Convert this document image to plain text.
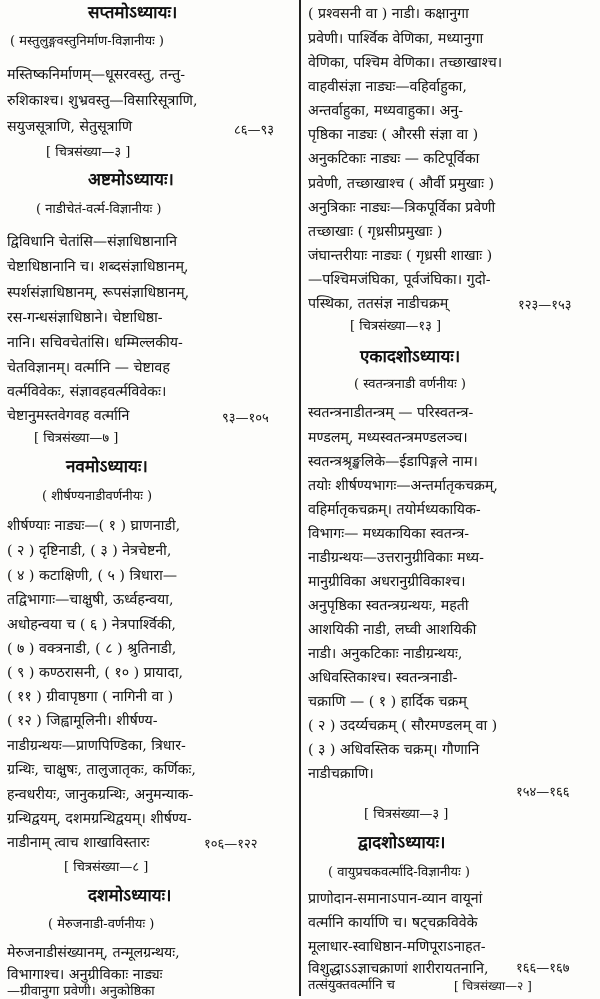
सप्तमोऽध्यायः।
( मस्तुलुङ्गवस्तुनिर्माण-विज्ञानीयः )
मस्तिष्कनिर्माणम्—धूसरवस्तु, तन्तु-
रुशिकाश्च। शुभ्रवस्तु—विसारिसूत्राणि,
सयुजसूत्राणि, सेतुसूत्राणि	८६—९३
[ चित्रसंख्या—३ ]
अष्टमोऽध्यायः।
( नाडीचेतं-वर्त्म-विज्ञानीयः )
द्विविधानि चेतांसि—संज्ञाधिष्ठानानि
चेष्टाधिष्ठानानि च। शब्दसंज्ञाधिष्ठानम्,
स्पर्शसंज्ञाधिष्ठानम्, रूपसंज्ञाधिष्ठानम्,
रस-गन्धसंज्ञाधिष्ठाने। चेष्टाधिष्ठा-
नानि। सचिवचेतांसि। धम्मिल्लकीय-
चेतविज्ञानम्। वर्त्मानि — चेष्टावह
वर्त्मविवेकः, संज्ञावहवर्त्मविवेकः।
चेष्टानुमस्तवेगवह वर्त्मानि	९३—१०५
[ चित्रसंख्या—७ ]
नवमोऽध्यायः।
( शीर्षण्यनाडीवर्णनीयः )
शीर्षण्याः नाड्यः—( १ ) घ्राणनाडी,
( २ ) दृष्टिनाडी, ( ३ ) नेत्रचेष्टनी,
( ४ ) कटाक्षिणी, ( ५ ) त्रिधारा—
तद्विभागाः—चाक्षुषी, ऊर्ध्वहन्वया,
अधोहन्वया च ( ६ ) नेत्रपार्श्विकी,
( ७ ) वक्त्रनाडी, ( ८ ) श्रुतिनाडी,
( ९ ) कण्ठरासनी, ( १० ) प्रायादा,
( ११ ) ग्रीवापृष्ठगा ( नागिनी वा )
( १२ ) जिह्वामूलिनी। शीर्षण्य-
नाडीग्रन्थयः—प्राणपिण्डिका, त्रिधार-
ग्रन्थिः, चाक्षुषः, तालुजातृकः, कर्णिकः,
हन्वधरीयः, जानुकग्रन्थिः, अनुमन्याक-
ग्रन्थिद्वयम्, दशमग्रन्थिद्वयम्। शीर्षण्य-
नाडीनाम् त्वाच शाखाविस्तारः	१०६—१२२
[ चित्रसंख्या—८ ]
दशमोऽध्यायः।
( मेरुजनाडी-वर्णनीयः )
मेरुजनाडीसंख्यानम्, तन्मूलग्रन्थयः,
विभागाश्च। अनुग्रीविकाः नाड्यः
—ग्रीवानुगा प्रवेणी। अनुकोष्ठिका
( प्रश्वसनी वा ) नाडी। कक्षानुगा
प्रवेणी। पार्श्विक वेणिका, मध्यानुगा
वेणिका, पश्चिम वेणिका। तच्छाखाश्च।
वाहवीसंज्ञा नाड्यः—वहिर्वाहुका,
अन्तर्वाहुका, मध्यवाहुका। अनु-
पृष्ठिका नाड्यः ( औरसी संज्ञा वा )
अनुकटिकाः नाड्यः — कटिपूर्विका
प्रवेणी, तच्छाखाश्च ( और्वी प्रमुखाः )
अनुत्रिकाः नाड्यः—त्रिकपूर्विका प्रवेणी
तच्छाखाः ( गृध्रसीप्रमुखाः )
जंघान्तरीयाः नाड्यः ( गृध्रसी शाखाः )
—पश्चिमजंघिका, पूर्वजंघिका। गुदो-
पस्थिका, ततसंज्ञ नाडीचक्रम्	१२३—१५३
[ चित्रसंख्या—१३ ]
एकादशोऽध्यायः।
( स्वतन्त्रनाडी वर्णनीयः )
स्वतन्त्रनाडीतन्त्रम् — परिस्वतन्त्र-
मण्डलम्, मध्यस्वतन्त्रमण्डलञ्च।
स्वतन्त्रश्रृङ्खलिके—ईडापिङ्गले नाम।
तयोः शीर्षण्यभागः—अन्तर्मातृकचक्रम्,
वहिर्मातृकचक्रम्। तयोर्मध्यकायिक-
विभागः— मध्यकायिका स्वतन्त्र-
नाडीग्रन्थयः—उत्तरानुग्रीविकाः मध्य-
मानुग्रीविका अधरानुग्रीविकाश्च।
अनुपृष्ठिका स्वतन्त्रग्रन्थयः, महती
आशयिकी नाडी, लघ्वी आशयिकी
नाडी। अनुकटिकाः नाडीग्रन्थयः,
अधिवस्तिकाश्च। स्वतन्त्रनाडी-
चक्राणि — ( १ ) हार्दिक चक्रम्
( २ ) उदर्य्यचक्रम् ( सौरमण्डलम् वा )
( ३ ) अधिवस्तिक चक्रम्। गौणानि
नाडीचक्राणि।
१५४—१६६
[ चित्रसंख्या—३ ]
द्वादशोऽध्यायः।
( वायुप्रचकवर्त्मादि-विज्ञानीयः )
प्राणोदान-समानाऽपान-व्यान वायूनां
वर्त्मानि कार्याणि च। षट्चक्रविवेके
मूलाधार-स्वाधिष्ठान-मणिपूराऽनाहत-
विशुद्धाऽऽज्ञाचक्राणां शारीरायतनानि,
तत्संयुक्तवर्त्मानि च
१६६—१६७
[ चित्रसंख्या—२ ]
